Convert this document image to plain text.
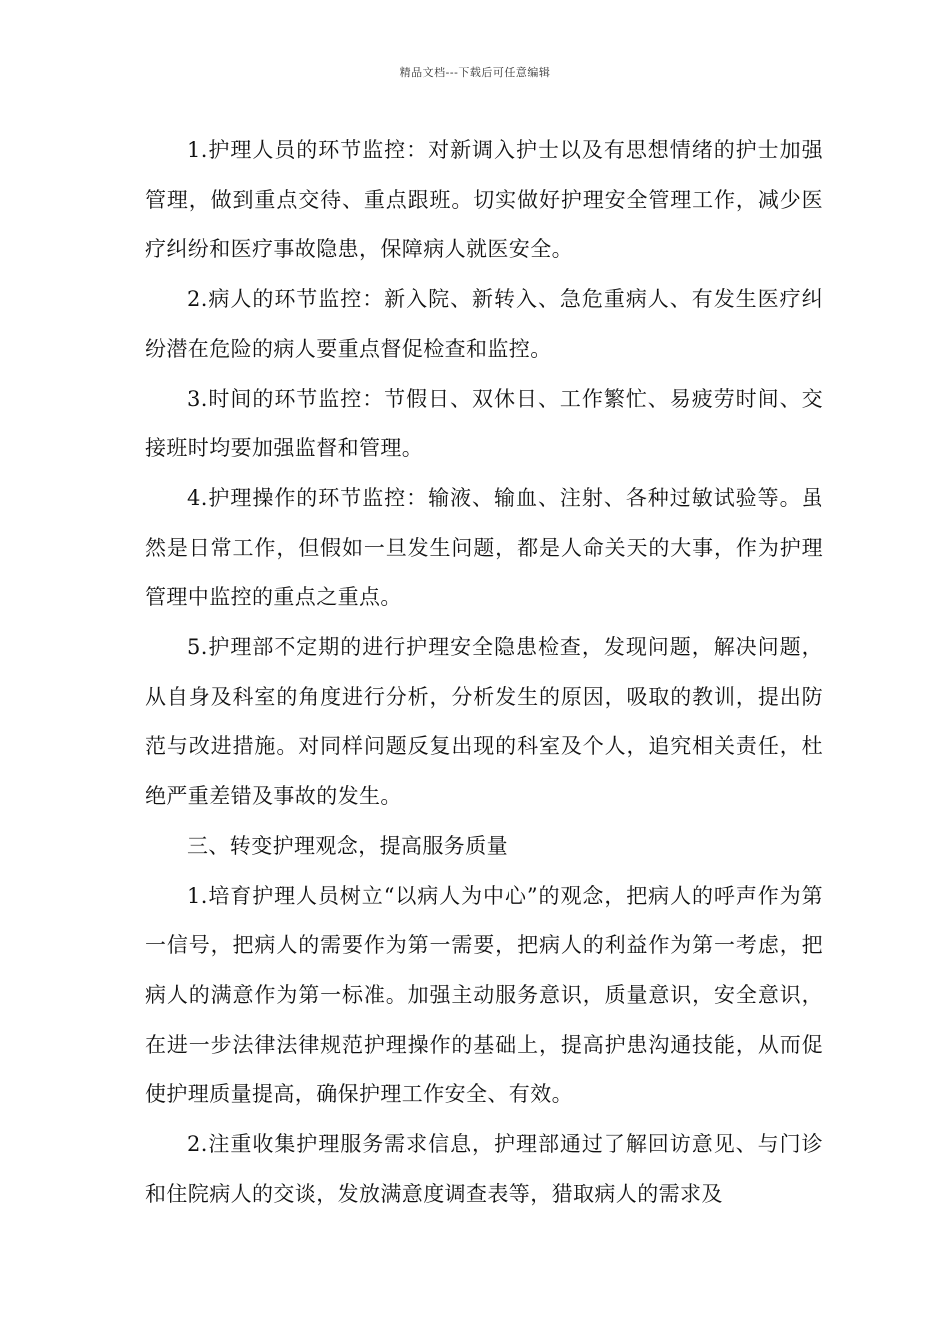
精品文档---下载后可任意编辑

1.护理人员的环节监控：对新调入护士以及有思想情绪的护士加强管理，做到重点交待、重点跟班。切实做好护理安全管理工作，减少医疗纠纷和医疗事故隐患，保障病人就医安全。

2.病人的环节监控：新入院、新转入、急危重病人、有发生医疗纠纷潜在危险的病人要重点督促检查和监控。

3.时间的环节监控：节假日、双休日、工作繁忙、易疲劳时间、交接班时均要加强监督和管理。

4.护理操作的环节监控：输液、输血、注射、各种过敏试验等。虽然是日常工作，但假如一旦发生问题，都是人命关天的大事，作为护理管理中监控的重点之重点。

5.护理部不定期的进行护理安全隐患检查，发现问题，解决问题，从自身及科室的角度进行分析，分析发生的原因，吸取的教训，提出防范与改进措施。对同样问题反复出现的科室及个人，追究相关责任，杜绝严重差错及事故的发生。

三、转变护理观念，提高服务质量

1.培育护理人员树立“以病人为中心”的观念，把病人的呼声作为第一信号，把病人的需要作为第一需要，把病人的利益作为第一考虑，把病人的满意作为第一标准。加强主动服务意识，质量意识，安全意识，在进一步法律法律规范护理操作的基础上，提高护患沟通技能，从而促使护理质量提高，确保护理工作安全、有效。

2.注重收集护理服务需求信息，护理部通过了解回访意见、与门诊和住院病人的交谈，发放满意度调查表等，猎取病人的需求及
